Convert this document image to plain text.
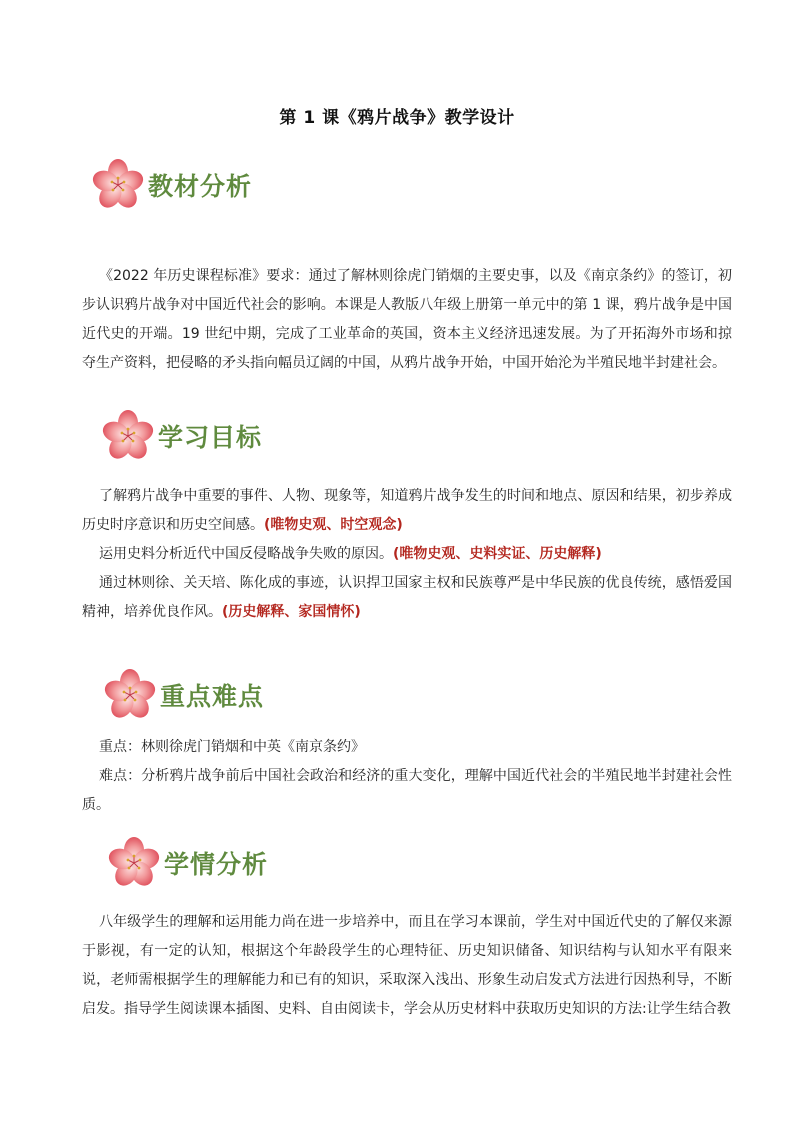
第 1 课《鸦片战争》教学设计
教材分析

《2022 年历史课程标准》要求：通过了解林则徐虎门销烟的主要史事，以及《南京条约》的签订，初步认识鸦片战争对中国近代社会的影响。本课是人教版八年级上册第一单元中的第 1 课，鸦片战争是中国近代史的开端。19 世纪中期，完成了工业革命的英国，资本主义经济迅速发展。为了开拓海外市场和掠夺生产资料，把侵略的矛头指向幅员辽阔的中国，从鸦片战争开始，中国开始沦为半殖民地半封建社会。

学习目标

了解鸦片战争中重要的事件、人物、现象等，知道鸦片战争发生的时间和地点、原因和结果，初步养成历史时序意识和历史空间感。(唯物史观、时空观念)

运用史料分析近代中国反侵略战争失败的原因。(唯物史观、史料实证、历史解释)

通过林则徐、关天培、陈化成的事迹，认识捍卫国家主权和民族尊严是中华民族的优良传统，感悟爱国精神，培养优良作风。(历史解释、家国情怀)

重点难点

重点：林则徐虎门销烟和中英《南京条约》

难点：分析鸦片战争前后中国社会政治和经济的重大变化，理解中国近代社会的半殖民地半封建社会性质。

学情分析

八年级学生的理解和运用能力尚在进一步培养中，而且在学习本课前，学生对中国近代史的了解仅来源于影视，有一定的认知，根据这个年龄段学生的心理特征、历史知识储备、知识结构与认知水平有限来说，老师需根据学生的理解能力和已有的知识，采取深入浅出、形象生动启发式方法进行因热利导，不断启发。指导学生阅读课本插图、史料、自由阅读卡，学会从历史材料中获取历史知识的方法:让学生结合教
